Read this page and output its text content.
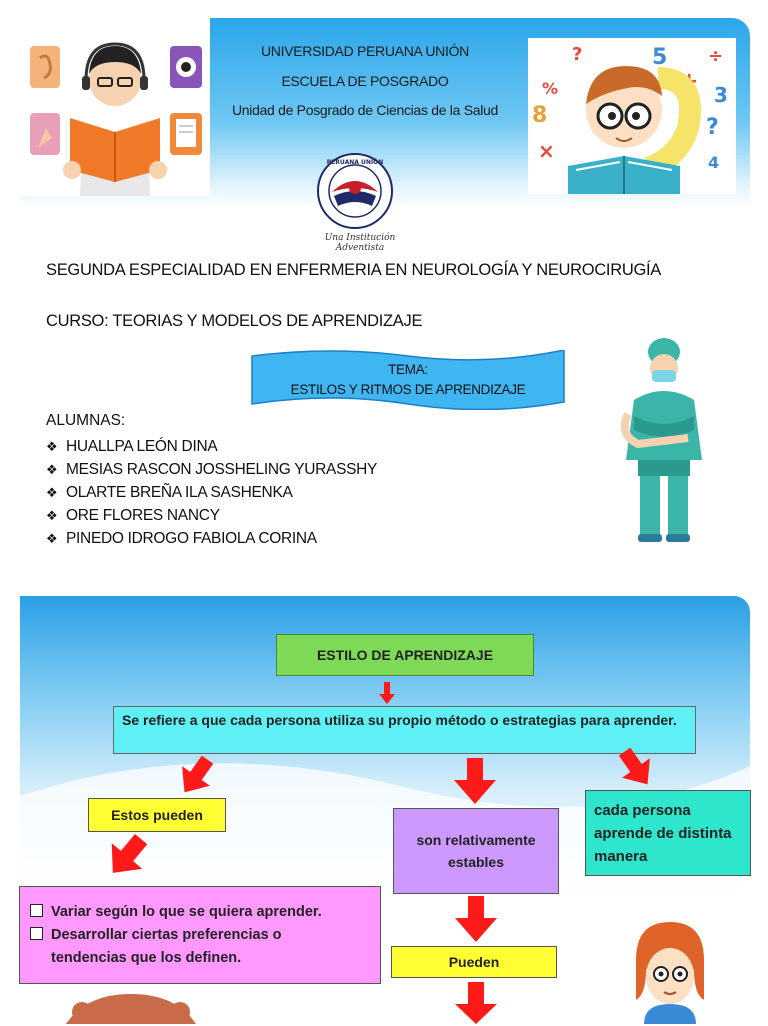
UNIVERSIDAD PERUANA UNIÓN
ESCUELA DE POSGRADO
Unidad de Posgrado de Ciencias de la Salud
?	5 ÷
%	+
3
8	?
×	4
PERUANA UNIÓN
Una Institución Adventista
SEGUNDA ESPECIALIDAD EN ENFERMERIA EN NEUROLOGÍA Y NEUROCIRUGÍA
CURSO: TEORIAS Y MODELOS DE APRENDIZAJE
TEMA:
ESTILOS Y RITMOS DE APRENDIZAJE
ALUMNAS:
❖ HUALLPA LEÓN DINA
❖ MESIAS RASCON JOSSHELING YURASSHY
❖ OLARTE BREÑA ILA SASHENKA
❖ ORE FLORES NANCY
❖ PINEDO IDROGO FABIOLA CORINA
ESTILO DE APRENDIZAJE
Se refiere a que cada persona utiliza su propio método o estrategias para aprender.
Estos pueden
son relativamente estables
cada persona aprende de distinta manera
Variar según lo que se quiera aprender.
Desarrollar ciertas preferencias o
tendencias que los definen.	Pueden
